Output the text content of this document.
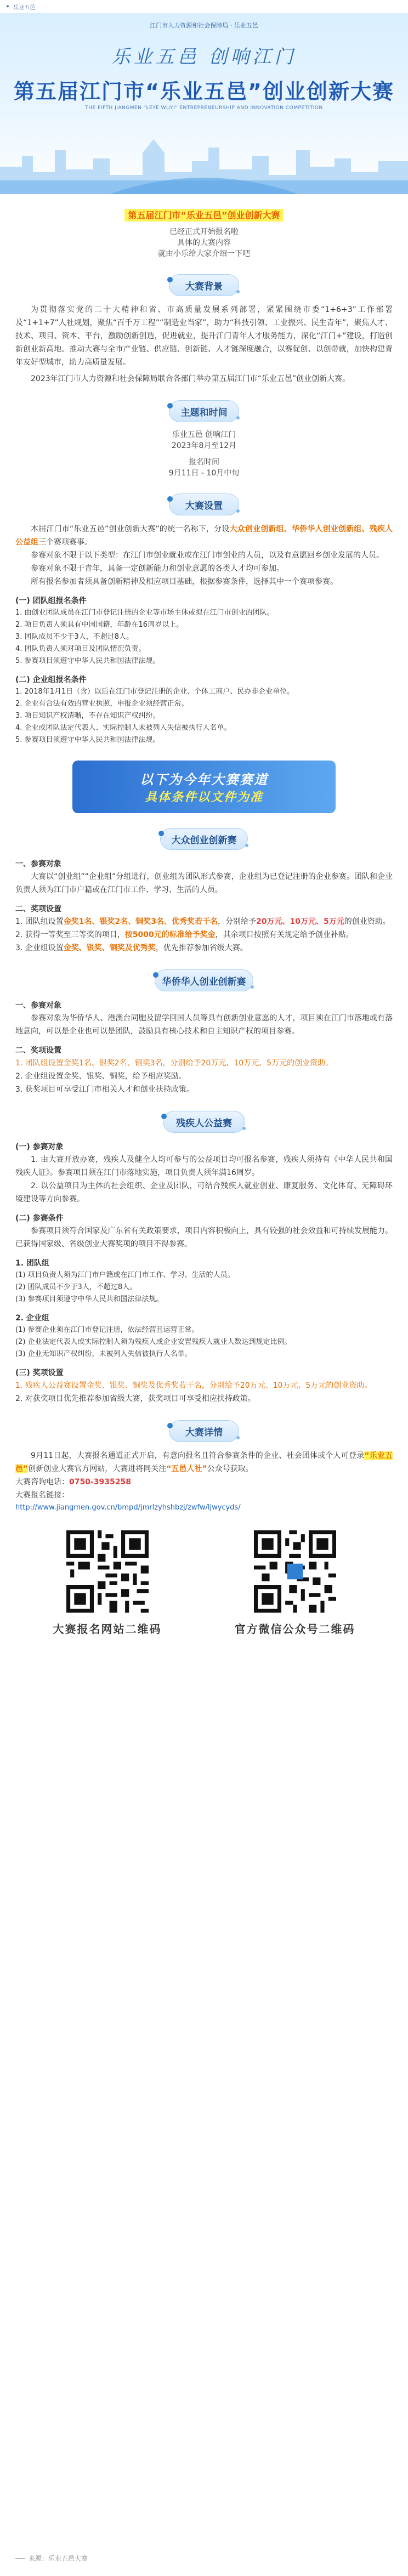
✦ 乐业五邑
江门市人力资源和社会保障局 · 乐业五邑
乐业五邑 创响江门
第五届江门市“乐业五邑”创业创新大赛
THE FIFTH JIANGMEN "LEYE WUYI" ENTREPRENEURSHIP AND INNOVATION COMPETITION
第五届江门市“乐业五邑”创业创新大赛
已经正式开始报名啦
具体的大赛内容
就由小乐给大家介绍一下吧
大赛背景

为贯彻落实党的二十大精神和省、市高质量发展系列部署，紧紧围绕市委“1+6+3”工作部署及“1+1+7”人社规划，聚焦“百千万工程”“制造业当家”，助力“科技引领、工业振兴、民生青年”，聚焦人才、技术、项目、资本、平台，激励创新创造，促进就业，提升江门青年人才服务能力，深化“江门+”建设，打造创新创业新高地。推动大赛与全市产业链、供应链、创新链、人才链深度融合，以赛促创、以创带就，加快构建青年友好型城市，助力高质量发展。

2023年江门市人力资源和社会保障局联合各部门举办第五届江门市“乐业五邑”创业创新大赛。

主题和时间
乐业五邑 创响江门
2023年8月至12月
报名时间
9月11日 - 10月中旬
大赛设置

本届江门市“乐业五邑”创业创新大赛”的统一名称下，分设大众创业创新组、华侨华人创业创新组、残疾人公益组三个赛项赛事。

参赛对象不限于以下类型：在江门市创业就业或在江门市创业的人员，以及有意愿回乡创业发展的人员。

参赛对象不限于青年，具备一定创新能力和创业意愿的各类人才均可参加。

所有报名参加者须具备创新精神及相应项目基础，根据参赛条件，选择其中一个赛项参赛。

(一) 团队组报名条件
1. 由创业团队成员在江门市登记注册的企业等市场主体或拟在江门市创业的团队。
2. 项目负责人须具有中国国籍，年龄在16周岁以上。
3. 团队成员不少于3人，不超过8人。
4. 团队负责人须对项目及团队情况负责。
5. 参赛项目须遵守中华人民共和国法律法规。
(二) 企业组报名条件
1. 2018年1月1日（含）以后在江门市登记注册的企业、个体工商户、民办非企业单位。
2. 企业有合法有效的营业执照，申报企业须经营正常。
3. 项目知识产权清晰，不存在知识产权纠纷。
4. 企业或团队法定代表人、实际控制人未被列入失信被执行人名单。
5. 参赛项目须遵守中华人民共和国法律法规。
以下为今年大赛赛道
具体条件以文件为准
大众创业创新赛
一、参赛对象

大赛以“创业组”“企业组”分组进行，创业组为团队形式参赛，企业组为已登记注册的企业参赛。团队和企业负责人须为江门市户籍或在江门市工作、学习、生活的人员。

二、奖项设置

1. 团队组设置金奖1名、银奖2名、铜奖3名、优秀奖若干名，分别给予20万元、10万元、5万元的创业资助。

2. 获得一等奖至三等奖的项目，按5000元的标准给予奖金，其余项目按照有关规定给予创业补贴。

3. 企业组设置金奖、银奖、铜奖及优秀奖，优先推荐参加省级大赛。

华侨华人创业创新赛
一、参赛对象

参赛对象为华侨华人、港澳台同胞及留学回国人员等具有创新创业意愿的人才，项目须在江门市落地或有落地意向，可以是企业也可以是团队，鼓励具有核心技术和自主知识产权的项目参赛。

二、奖项设置

1. 团队组设置金奖1名、银奖2名、铜奖3名，分别给予20万元、10万元、5万元的创业资助。

2. 企业组设置金奖、银奖、铜奖，给予相应奖励。

3. 获奖项目可享受江门市相关人才和创业扶持政策。

残疾人公益赛
(一) 参赛对象

1. 由大赛开放办赛，残疾人及健全人均可参与的公益项目均可报名参赛，残疾人须持有《中华人民共和国残疾人证》。参赛项目须在江门市落地实施，项目负责人须年满16周岁。

2. 以公益项目为主体的社会组织、企业及团队，可结合残疾人就业创业、康复服务、文化体育、无障碍环境建设等方向参赛。

(二) 参赛条件

参赛项目须符合国家及广东省有关政策要求，项目内容积极向上，具有较强的社会效益和可持续发展能力。已获得国家级、省级创业大赛奖项的项目不得参赛。

1. 团队组
(1) 项目负责人须为江门市户籍或在江门市工作、学习、生活的人员。
(2) 团队成员不少于3人，不超过8人。
(3) 参赛项目须遵守中华人民共和国法律法规。
2. 企业组
(1) 参赛企业须在江门市登记注册，依法经营且运营正常。
(2) 企业法定代表人或实际控制人须为残疾人或企业安置残疾人就业人数达到规定比例。
(3) 企业无知识产权纠纷，未被列入失信被执行人名单。
(三) 奖项设置

1. 残疾人公益赛设置金奖、银奖、铜奖及优秀奖若干名，分别给予20万元、10万元、5万元的创业资助。

2. 对获奖项目优先推荐参加省级大赛，获奖项目可享受相应扶持政策。

大赛详情

9月11日起，大赛报名通道正式开启，有意向报名且符合参赛条件的企业、社会团体或个人可登录“乐业五邑”创新创业大赛官方网站，大赛进将同关注“五邑人社”公众号获取。

大赛咨询电话：0750-3935258

大赛报名链接：

http://www.jiangmen.gov.cn/bmpd/jmrlzyhshbzj/zwfw/ljwycyds/

大赛报名网站二维码	官方微信公众号二维码
来源：乐业五邑大赛
